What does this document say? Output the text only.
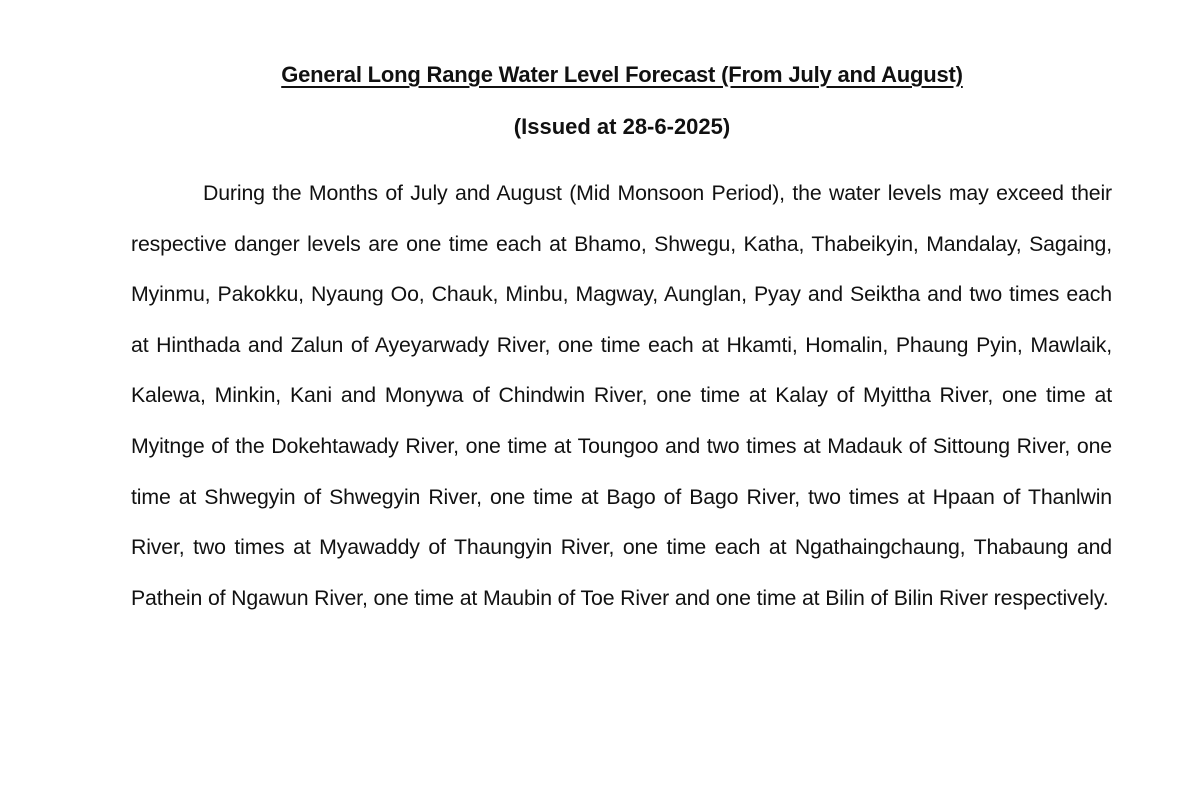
General Long Range Water Level Forecast (From July and August)
(Issued at 28-6-2025)

During the Months of July and August (Mid Monsoon Period), the water levels may exceed their respective danger levels are one time each at Bhamo, Shwegu, Katha, Thabeikyin, Mandalay, Sagaing, Myinmu, Pakokku, Nyaung Oo, Chauk, Minbu, Magway, Aunglan, Pyay and Seiktha and two times each at Hinthada and Zalun of Ayeyarwady River, one time each at Hkamti, Homalin, Phaung Pyin, Mawlaik, Kalewa, Minkin, Kani and Monywa of Chindwin River, one time at Kalay of Myittha River, one time at Myitnge of the Dokehtawady River, one time at Toungoo and two times at Madauk of Sittoung River, one time at Shwegyin of Shwegyin River, one time at Bago of Bago River, two times at Hpaan of Thanlwin River, two times at Myawaddy of Thaungyin River, one time each at Ngathaingchaung, Thabaung and Pathein of Ngawun River, one time at Maubin of Toe River and one time at Bilin of Bilin River respectively.
